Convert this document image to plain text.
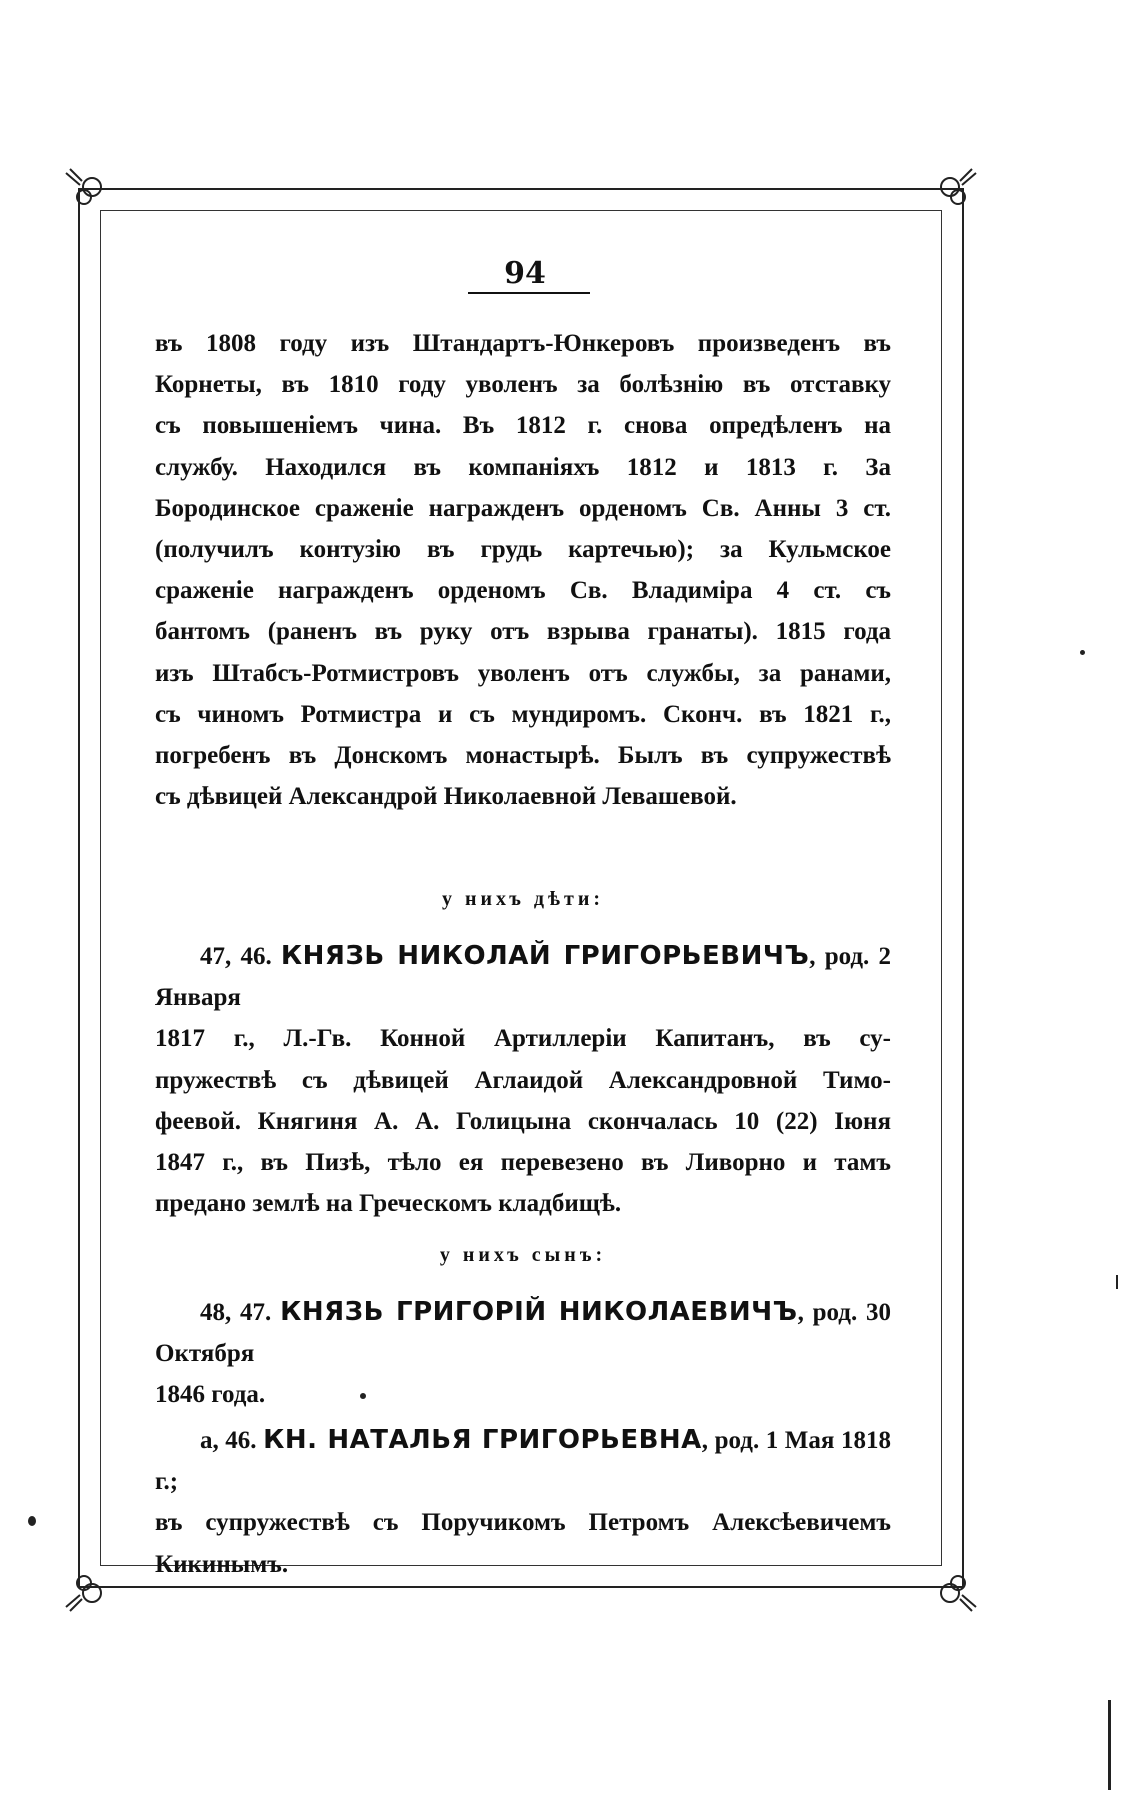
94
въ 1808 году изъ Штандартъ-Юнкеровъ произведенъ въ
Корнеты, въ 1810 году уволенъ за болѣзнію въ отставку
съ повышеніемъ чина. Въ 1812 г. снова опредѣленъ на
службу. Находился въ компаніяхъ 1812 и 1813 г. За
Бородинское сраженіе награжденъ орденомъ Св. Анны 3 ст.
(получилъ контузію въ грудь картечью); за Кульмское
сраженіе награжденъ орденомъ Св. Владиміра 4 ст. съ
бантомъ (раненъ въ руку отъ взрыва гранаты). 1815 года
изъ Штабсъ-Ротмистровъ уволенъ отъ службы, за ранами,
съ чиномъ Ротмистра и съ мундиромъ. Сконч. въ 1821 г.,
погребенъ въ Донскомъ монастырѣ. Былъ въ супружествѣ
съ дѣвицей Александрой Николаевной Левашевой.
у нихъ дѣти:
47, 46. КНЯЗЬ НИКОЛАЙ ГРИГОРЬЕВИЧЪ, род. 2 Января
1817 г., Л.-Гв. Конной Артиллеріи Капитанъ, въ су-
пружествѣ съ дѣвицей Аглаидой Александровной Тимо-
феевой. Княгиня А. А. Голицына скончалась 10 (22) Іюня
1847 г., въ Пизѣ, тѣло ея перевезено въ Ливорно и тамъ
предано землѣ на Греческомъ кладбищѣ.
у нихъ сынъ:
48, 47. КНЯЗЬ ГРИГОРІЙ НИКОЛАЕВИЧЪ, род. 30 Октября
1846 года.
а, 46. КН. НАТАЛЬЯ ГРИГОРЬЕВНА, род. 1 Мая 1818 г.;
въ супружествѣ съ Поручикомъ Петромъ Алексѣевичемъ
Кикинымъ.
